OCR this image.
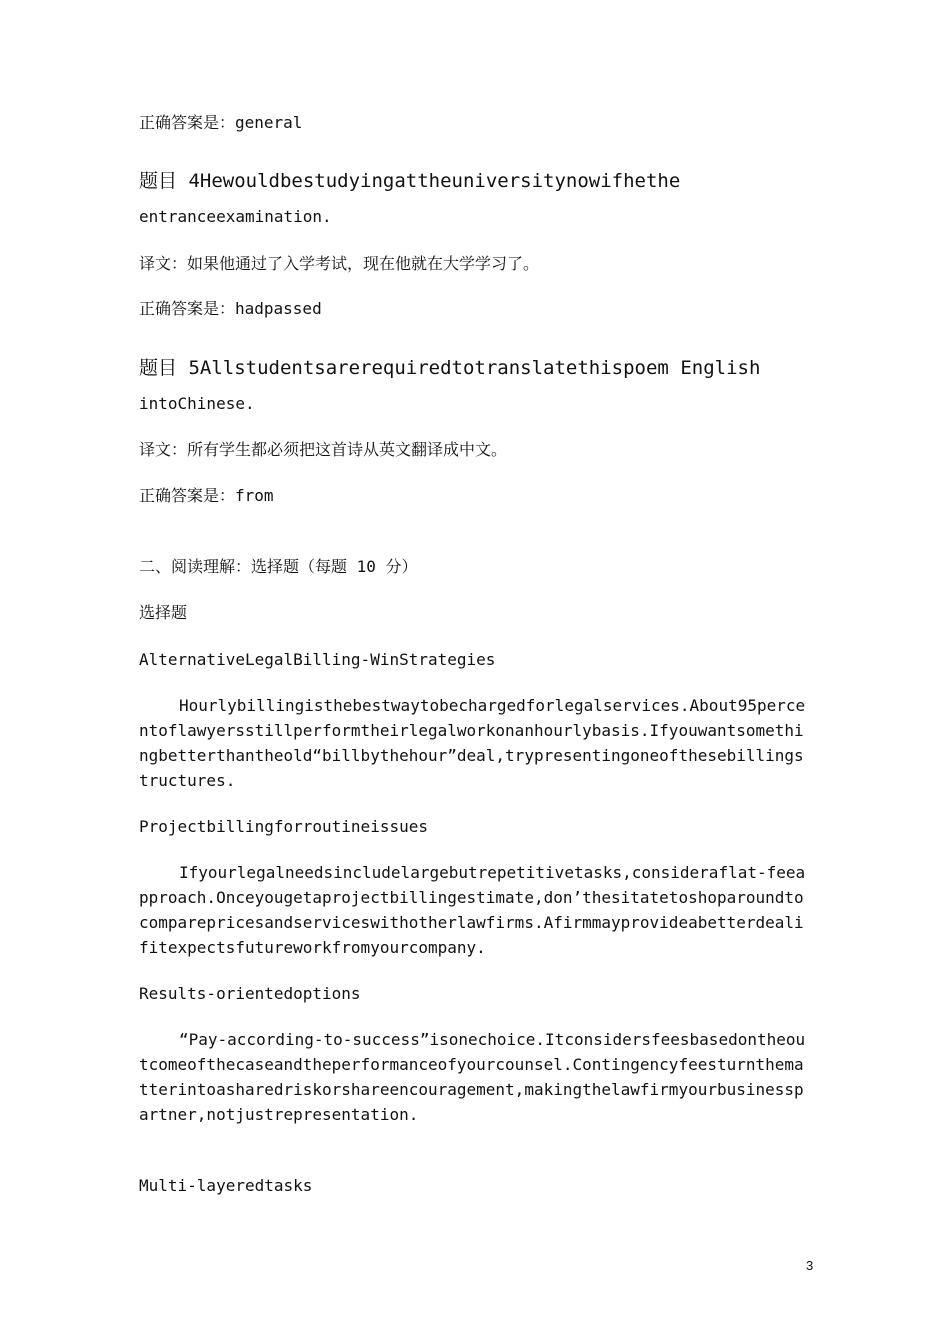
正确答案是：general

题目 4Hewouldbestudyingattheuniversitynowifhethe

entranceexamination.

译文：如果他通过了入学考试，现在他就在大学学习了。

正确答案是：hadpassed

题目 5Allstudentsarerequiredtotranslatethispoem English

intoChinese.

译文：所有学生都必须把这首诗从英文翻译成中文。

正确答案是：from

二、阅读理解：选择题（每题 10 分）

选择题

AlternativeLegalBilling-WinStrategies

Hourlybillingisthebestwaytobechargedforlegalservices.About95percentoflawyersstillperformtheirlegalworkonanhourlybasis.Ifyouwantsomethingbetterthantheold“billbythehour”deal,trypresentingoneofthesebillingstructures.

Projectbillingforroutineissues

Ifyourlegalneedsincludelargebutrepetitivetasks,consideraflat-feeapproach.Onceyougetaprojectbillingestimate,don’thesitatetoshoparoundtocomparepricesandserviceswithotherlawfirms.Afirmmayprovideabetterdealifitexpectsfutureworkfromyourcompany.

Results-orientedoptions

“Pay-according-to-success”isonechoice.Itconsidersfeesbasedontheoutcomeofthecaseandtheperformanceofyourcounsel.Contingencyfeesturnthematterintoasharedriskorshareencouragement,makingthelawfirmyourbusinesspartner,notjustrepresentation.

Multi-layeredtasks

3
